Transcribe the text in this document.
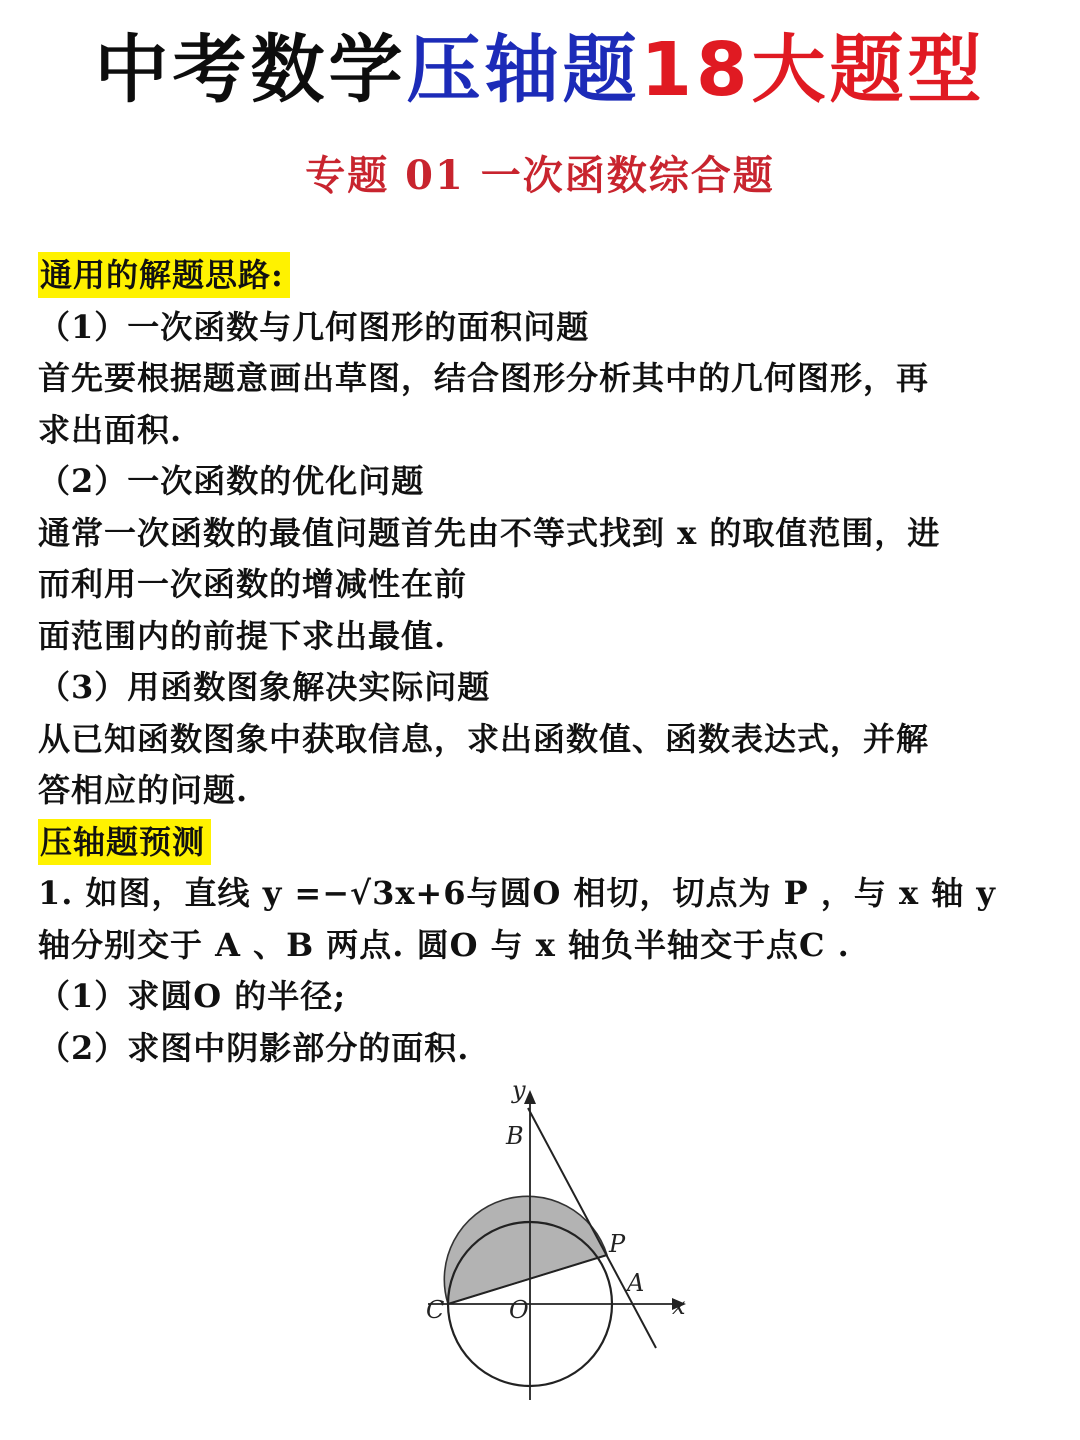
中考数学压轴题18大题型
专题 01 一次函数综合题
通用的解题思路:
（1）一次函数与几何图形的面积问题
首先要根据题意画出草图，结合图形分析其中的几何图形，再
求出面积.
（2）一次函数的优化问题
通常一次函数的最值问题首先由不等式找到 x 的取值范围，进
而利用一次函数的增减性在前
面范围内的前提下求出最值.
（3）用函数图象解决实际问题
从已知函数图象中获取信息，求出函数值、函数表达式，并解
答相应的问题.
压轴题预测
1. 如图，直线 y =−√3x+6与圆O 相切，切点为 P ，与 x 轴 y
轴分别交于 A 、B 两点. 圆O 与 x 轴负半轴交于点C .
（1）求圆O 的半径;
（2）求图中阴影部分的面积.
y
B
P
A
C	O	x
